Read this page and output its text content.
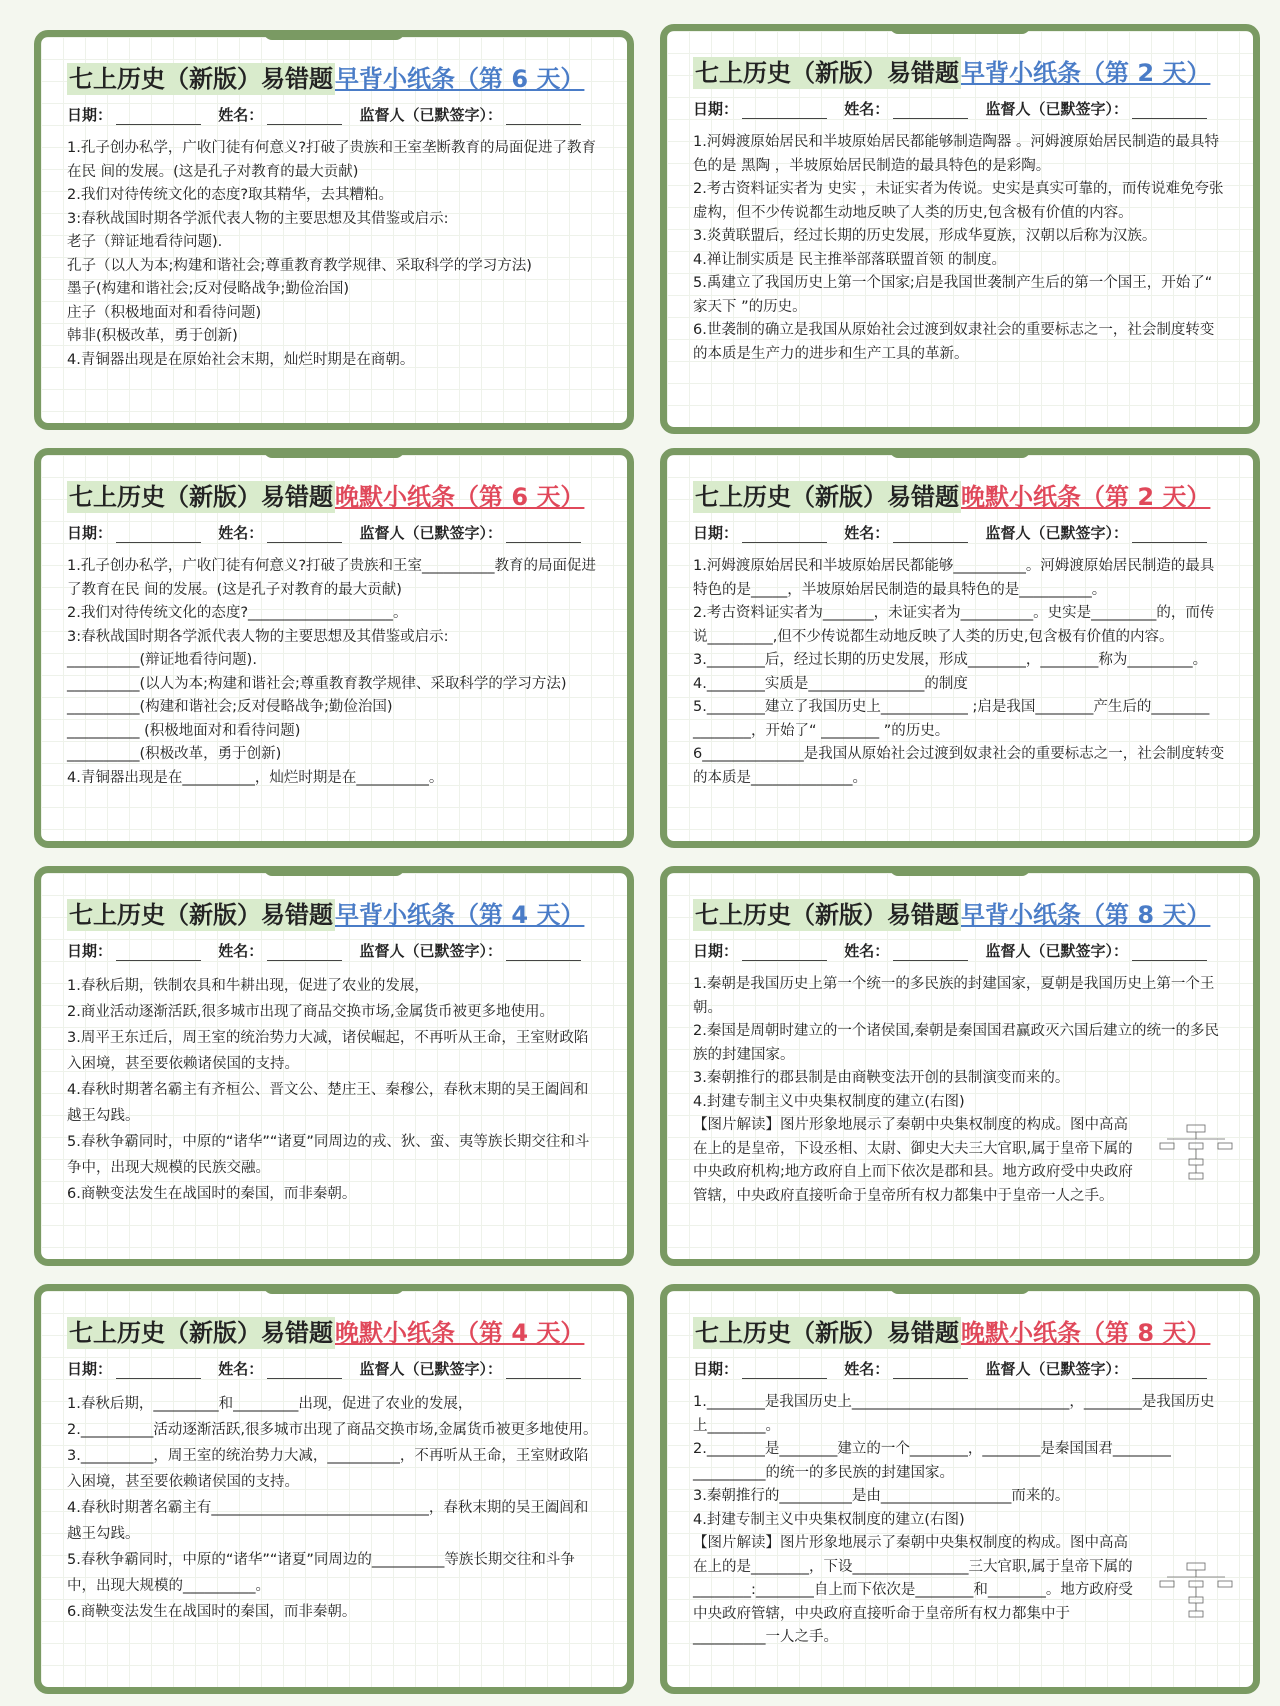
七上历史（新版）易错题早背小纸条（第 6 天）
日期：	姓名：	监督人（已默签字）：

1.孔子创办私学，广收门徒有何意义?打破了贵族和王室垄断教育的局面促进了教育在民 间的发展。(这是孔子对教育的最大贡献)

2.我们对待传统文化的态度?取其精华，去其糟粕。

3:春秋战国时期各学派代表人物的主要思想及其借鉴或启示:

老子（辩证地看待问题).

孔子（以人为本;构建和谐社会;尊重教育教学规律、采取科学的学习方法)

墨子(构建和谐社会;反对侵略战争;勤俭治国)

庄子（积极地面对和看待问题)

韩非(积极改革，勇于创新)

4.青铜器出现是在原始社会末期，灿烂时期是在商朝。

七上历史（新版）易错题早背小纸条（第 2 天）
日期：	姓名：	监督人（已默签字）：

1.河姆渡原始居民和半坡原始居民都能够制造陶器 。河姆渡原始居民制造的最具特色的是 黑陶 ，半坡原始居民制造的最具特色的是彩陶。

2.考古资料证实者为 史实 ，未证实者为传说。史实是真实可靠的，而传说难免夸张虚构，但不少传说都生动地反映了人类的历史,包含极有价值的内容。

3.炎黄联盟后，经过长期的历史发展，形成华夏族，汉朝以后称为汉族。

4.禅让制实质是 民主推举部落联盟首领 的制度。

5.禹建立了我国历史上第一个国家;启是我国世袭制产生后的第一个国王，开始了“ 家天下 ”的历史。

6.世袭制的确立是我国从原始社会过渡到奴隶社会的重要标志之一，社会制度转变的本质是生产力的进步和生产工具的革新。

七上历史（新版）易错题晚默小纸条（第 6 天）
日期：	姓名：	监督人（已默签字）：

1.孔子创办私学，广收门徒有何意义?打破了贵族和王室__________教育的局面促进了教育在民 间的发展。(这是孔子对教育的最大贡献)

2.我们对待传统文化的态度?____________________。

3:春秋战国时期各学派代表人物的主要思想及其借鉴或启示:

__________(辩证地看待问题).

__________(以人为本;构建和谐社会;尊重教育教学规律、采取科学的学习方法)

__________(构建和谐社会;反对侵略战争;勤俭治国)

__________ (积极地面对和看待问题)

__________(积极改革，勇于创新)

4.青铜器出现是在__________，灿烂时期是在__________。

七上历史（新版）易错题晚默小纸条（第 2 天）
日期：	姓名：	监督人（已默签字）：

1.河姆渡原始居民和半坡原始居民都能够__________。河姆渡原始居民制造的最具特色的是_____，半坡原始居民制造的最具特色的是__________。

2.考古资料证实者为_______，未证实者为__________。史实是_________的，而传说_________,但不少传说都生动地反映了人类的历史,包含极有价值的内容。

3.________后，经过长期的历史发展，形成________，________称为_________。

4.________实质是________________的制度

5.________建立了我国历史上____________ ;启是我国________产生后的________ ________，开始了“ ________ ”的历史。

6______________是我国从原始社会过渡到奴隶社会的重要标志之一，社会制度转变的本质是______________。

七上历史（新版）易错题早背小纸条（第 4 天）
日期：	姓名：	监督人（已默签字）：

1.春秋后期，铁制农具和牛耕出现，促进了农业的发展，

2.商业活动逐渐活跃,很多城市出现了商品交换市场,金属货币被更多地使用。

3.周平王东迁后，周王室的统治势力大减，诸侯崛起，不再听从王命，王室财政陷入困境，甚至要依赖诸侯国的支持。

4.春秋时期著名霸主有齐桓公、晋文公、楚庄王、秦穆公，春秋末期的吴王阖闾和越王勾践。

5.春秋争霸同时，中原的“诸华”“诸夏”同周边的戎、狄、蛮、夷等族长期交往和斗争中，出现大规模的民族交融。

6.商鞅变法发生在战国时的秦国，而非秦朝。

七上历史（新版）易错题早背小纸条（第 8 天）
日期：	姓名：	监督人（已默签字）：

1.秦朝是我国历史上第一个统一的多民族的封建国家，夏朝是我国历史上第一个王朝。

2.秦国是周朝时建立的一个诸侯国,秦朝是秦国国君赢政灭六国后建立的统一的多民族的封建国家。

3.秦朝推行的郡县制是由商鞅变法开创的县制演变而来的。

4.封建专制主义中央集权制度的建立(右图)

【图片解读】图片形象地展示了秦朝中央集权制度的构成。图中高高在上的是皇帝，下设丞相、太尉、御史大夫三大官职,属于皇帝下属的中央政府机构;地方政府自上而下依次是郡和县。地方政府受中央政府管辖，中央政府直接听命于皇帝所有权力都集中于皇帝一人之手。

七上历史（新版）易错题晚默小纸条（第 4 天）
日期：	姓名：	监督人（已默签字）：

1.春秋后期，_________和_________出现，促进了农业的发展，

2.__________活动逐渐活跃,很多城市出现了商品交换市场,金属货币被更多地使用。

3.__________，周王室的统治势力大减，__________，不再听从王命，王室财政陷入困境，甚至要依赖诸侯国的支持。

4.春秋时期著名霸主有______________________________，春秋末期的吴王阖闾和越王勾践。

5.春秋争霸同时，中原的“诸华”“诸夏”同周边的__________等族长期交往和斗争中，出现大规模的__________。

6.商鞅变法发生在战国时的秦国，而非秦朝。

七上历史（新版）易错题晚默小纸条（第 8 天）
日期：	姓名：	监督人（已默签字）：

1.________是我国历史上______________________________，________是我国历史上________。

2.________是________建立的一个________，________是秦国国君________ __________的统一的多民族的封建国家。

3.秦朝推行的__________是由__________________而来的。

4.封建专制主义中央集权制度的建立(右图)

【图片解读】图片形象地展示了秦朝中央集权制度的构成。图中高高在上的是________，下设________________三大官职,属于皇帝下属的________:________自上而下依次是________和________。地方政府受中央政府管辖，中央政府直接听命于皇帝所有权力都集中于__________一人之手。
